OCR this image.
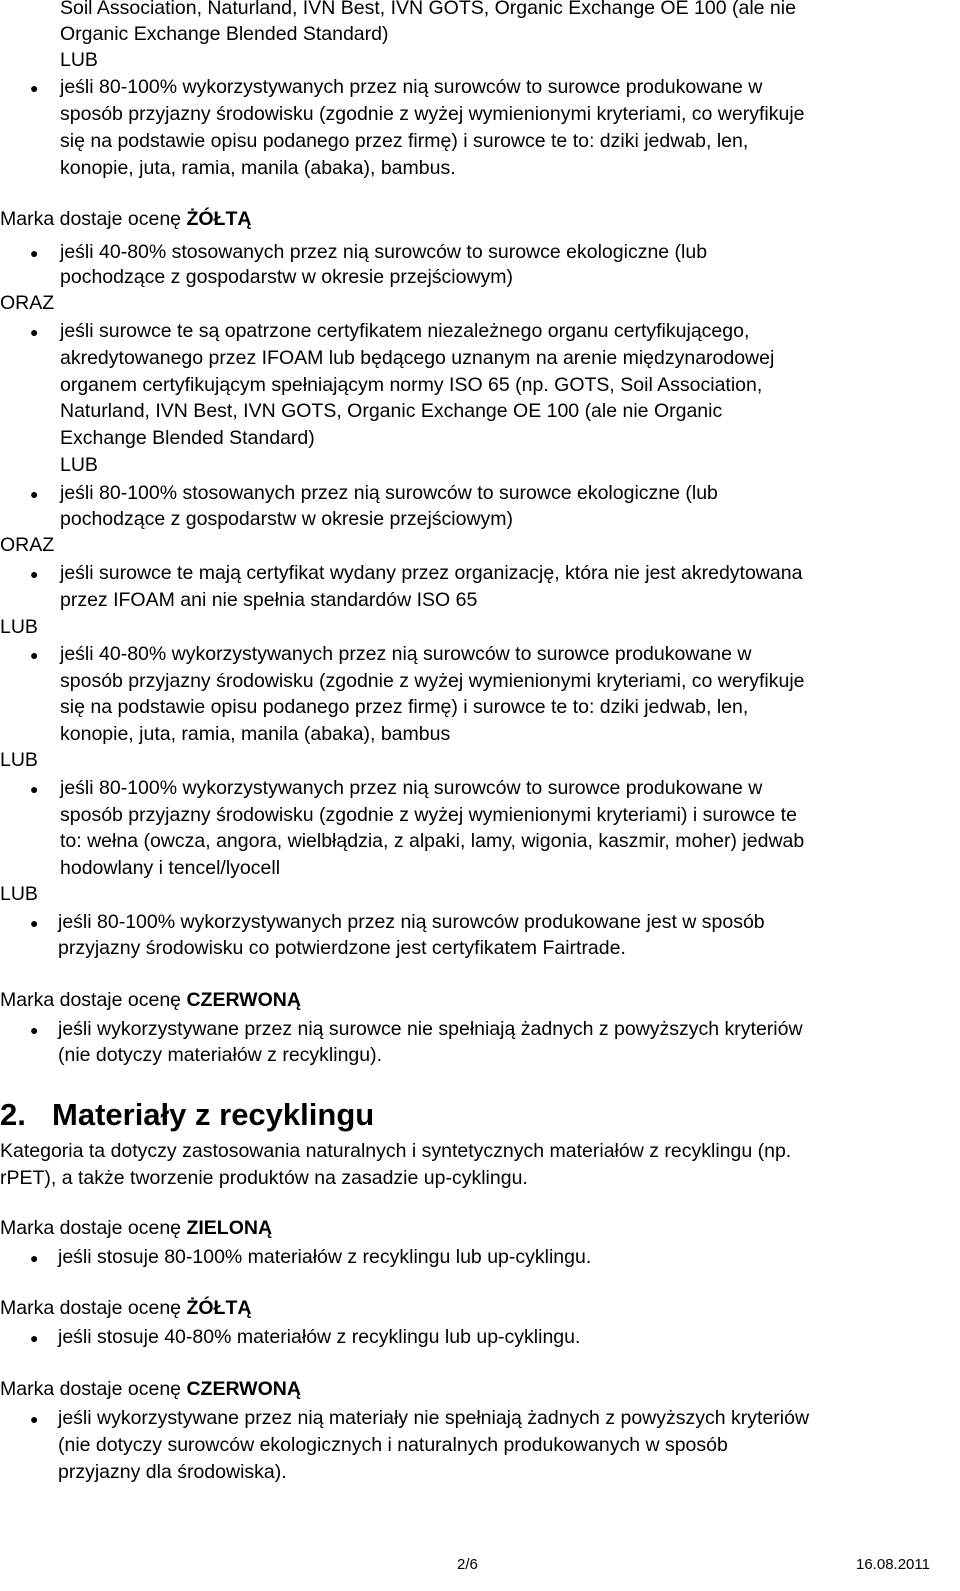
Soil Association, Naturland, IVN Best, IVN GOTS, Organic Exchange OE 100 (ale nie
Organic Exchange Blended Standard)
LUB
● jeśli 80-100% wykorzystywanych przez nią surowców to surowce produkowane w
sposób przyjazny środowisku (zgodnie z wyżej wymienionymi kryteriami, co weryfikuje
się na podstawie opisu podanego przez firmę) i surowce te to: dziki jedwab, len,
konopie, juta, ramia, manila (abaka), bambus.
Marka dostaje ocenę ŻÓŁTĄ
● jeśli 40-80% stosowanych przez nią surowców to surowce ekologiczne (lub
pochodzące z gospodarstw w okresie przejściowym)
ORAZ
● jeśli surowce te są opatrzone certyfikatem niezależnego organu certyfikującego,
akredytowanego przez IFOAM lub będącego uznanym na arenie międzynarodowej
organem certyfikującym spełniającym normy ISO 65 (np. GOTS, Soil Association,
Naturland, IVN Best, IVN GOTS, Organic Exchange OE 100 (ale nie Organic
Exchange Blended Standard)
LUB
● jeśli 80-100% stosowanych przez nią surowców to surowce ekologiczne (lub
pochodzące z gospodarstw w okresie przejściowym)
ORAZ
● jeśli surowce te mają certyfikat wydany przez organizację, która nie jest akredytowana
przez IFOAM ani nie spełnia standardów ISO 65
LUB
● jeśli 40-80% wykorzystywanych przez nią surowców to surowce produkowane w
sposób przyjazny środowisku (zgodnie z wyżej wymienionymi kryteriami, co weryfikuje
się na podstawie opisu podanego przez firmę) i surowce te to: dziki jedwab, len,
konopie, juta, ramia, manila (abaka), bambus
LUB
● jeśli 80-100% wykorzystywanych przez nią surowców to surowce produkowane w
sposób przyjazny środowisku (zgodnie z wyżej wymienionymi kryteriami) i surowce te
to: wełna (owcza, angora, wielbłądzia, z alpaki, lamy, wigonia, kaszmir, moher) jedwab
hodowlany i tencel/lyocell
LUB
● jeśli 80-100% wykorzystywanych przez nią surowców produkowane jest w sposób
przyjazny środowisku co potwierdzone jest certyfikatem Fairtrade.
Marka dostaje ocenę CZERWONĄ
● jeśli wykorzystywane przez nią surowce nie spełniają żadnych z powyższych kryteriów
(nie dotyczy materiałów z recyklingu).
2. Materiały z recyklingu
Kategoria ta dotyczy zastosowania naturalnych i syntetycznych materiałów z recyklingu (np.
rPET), a także tworzenie produktów na zasadzie up-cyklingu.
Marka dostaje ocenę ZIELONĄ
● jeśli stosuje 80-100% materiałów z recyklingu lub up-cyklingu.
Marka dostaje ocenę ŻÓŁTĄ
● jeśli stosuje 40-80% materiałów z recyklingu lub up-cyklingu.
Marka dostaje ocenę CZERWONĄ
● jeśli wykorzystywane przez nią materiały nie spełniają żadnych z powyższych kryteriów
(nie dotyczy surowców ekologicznych i naturalnych produkowanych w sposób
przyjazny dla środowiska).
2/6	16.08.2011
